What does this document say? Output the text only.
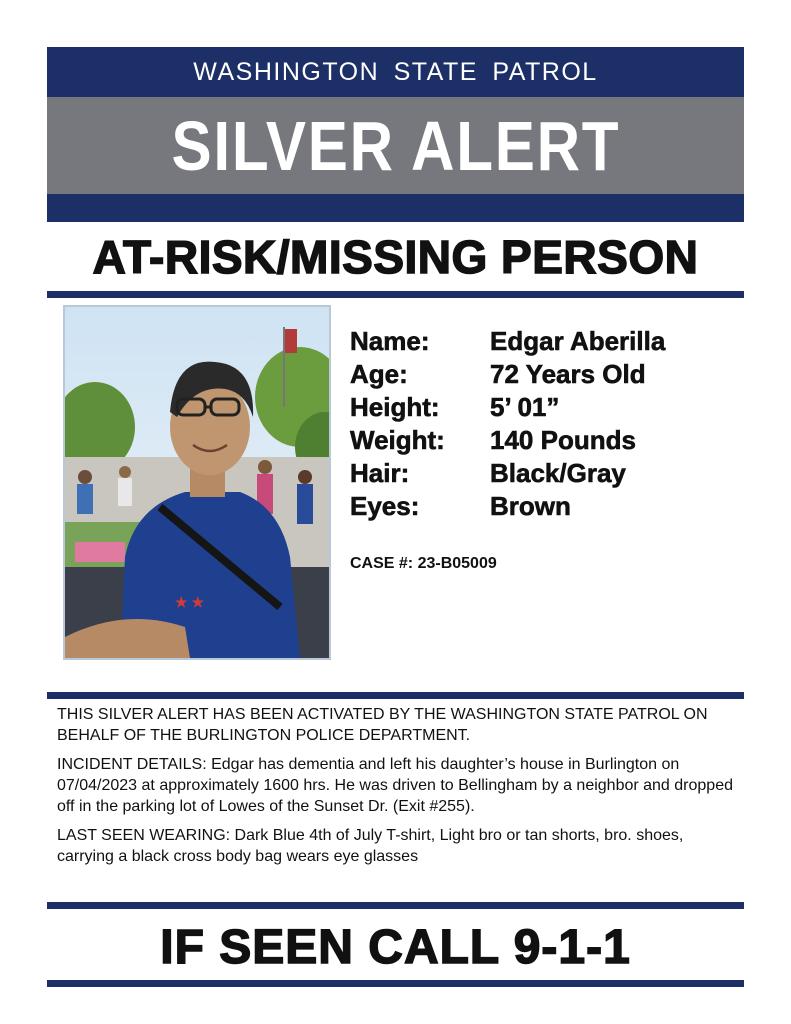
WASHINGTON STATE PATROL
SILVER ALERT
AT-RISK/MISSING PERSON
★ ★
Name:	Edgar Aberilla
Age:	72 Years Old
Height:	5’ 01”
Weight:	140 Pounds
Hair:	Black/Gray
Eyes:	Brown
CASE #: 23-B05009

THIS SILVER ALERT HAS BEEN ACTIVATED BY THE WASHINGTON STATE PATROL ON BEHALF OF THE BURLINGTON POLICE DEPARTMENT.

INCIDENT DETAILS: Edgar has dementia and left his daughter’s house in Burlington on 07/04/2023 at approximately 1600 hrs. He was driven to Bellingham by a neighbor and dropped off in the parking lot of Lowes of the Sunset Dr. (Exit #255).

LAST SEEN WEARING: Dark Blue 4th of July T-shirt, Light bro or tan shorts, bro. shoes, carrying a black cross body bag wears eye glasses

IF SEEN CALL 9-1-1
